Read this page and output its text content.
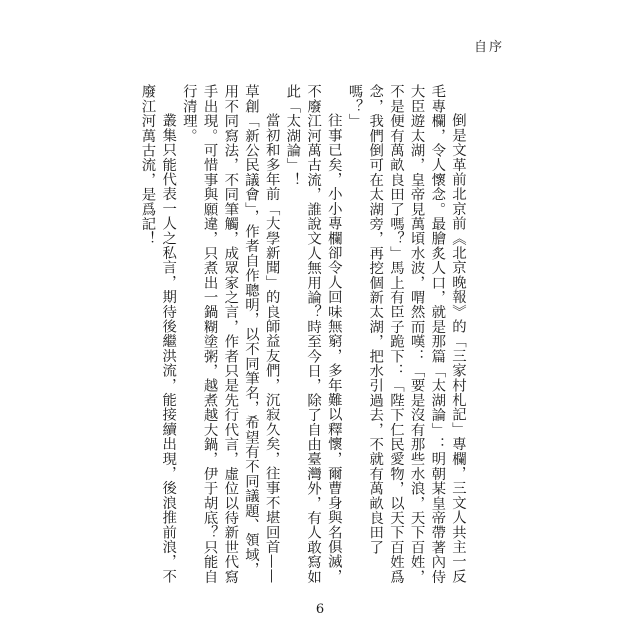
自序

倒是文革前北京前《北京晚報》的「三家村札記」專欄，三文人共主一反毛專欄，令人懷念。最膾炙人口，就是那篇「太湖論」：明朝某皇帝帶著內侍大臣遊太湖，皇帝見萬頃水波，喟然而嘆：「要是沒有那些水浪，天下百姓，不是便有萬畝良田了嗎？」馬上有臣子跪下：「陛下仁民愛物，以天下百姓爲念，我們倒可在太湖旁，再挖個新太湖，把水引過去，不就有萬畝良田了嗎？」

往事已矣，小小專欄卻令人回味無窮，多年難以釋懷，爾曹身與名俱滅，不廢江河萬古流，誰說文人無用論？時至今日，除了自由臺灣外，有人敢寫如此「太湖論」！

當初和多年前「大學新聞」的良師益友們，沉寂久矣，往事不堪回首——草創「新公民議會」，作者自作聰明，以不同筆名，希望有不同議題、領域，用不同寫法，不同筆觸，成眾家之言，作者只是先行代言，虛位以待新世代寫手出現。可惜事與願違，只煮出一鍋糊塗粥，越煮越大鍋，伊于胡底？只能自行清理。

叢集只能代表一人之私言，期待後繼洪流，能接續出現，後浪推前浪，不廢江河萬古流，是爲記！

6
